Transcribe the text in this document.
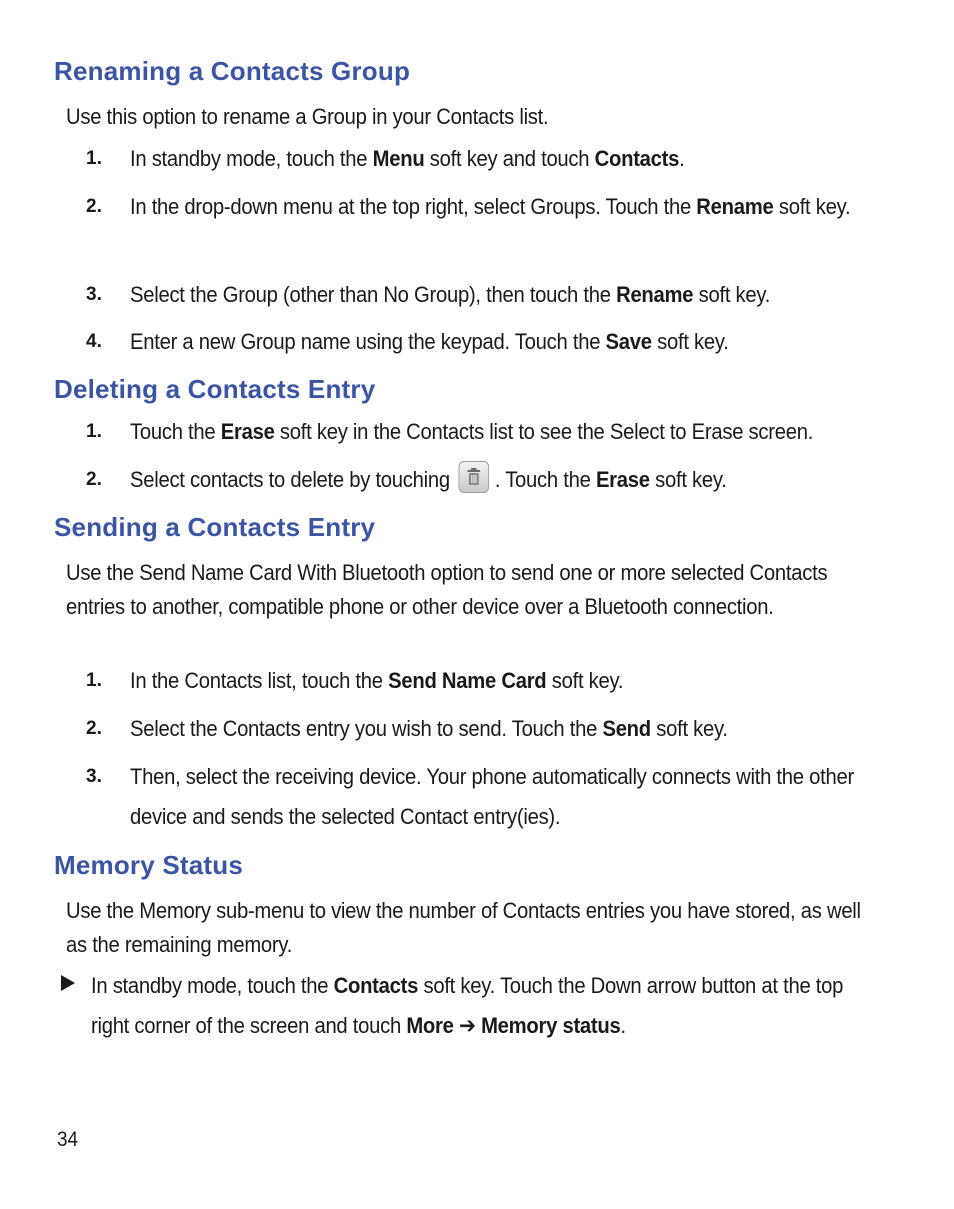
Renaming a Contacts Group
Use this option to rename a Group in your Contacts list.
1. In standby mode, touch the Menu soft key and touch Contacts.
2. In the drop-down menu at the top right, select Groups. Touch the Rename soft key.
3. Select the Group (other than No Group), then touch the Rename soft key.
4. Enter a new Group name using the keypad. Touch the Save soft key.
Deleting a Contacts Entry
1. Touch the Erase soft key in the Contacts list to see the Select to Erase screen.
2. Select contacts to delete by touching . Touch the Erase soft key.
Sending a Contacts Entry
Use the Send Name Card With Bluetooth option to send one or more selected Contacts entries to another, compatible phone or other device over a Bluetooth connection.
1. In the Contacts list, touch the Send Name Card soft key.
2. Select the Contacts entry you wish to send. Touch the Send soft key.
3. Then, select the receiving device. Your phone automatically connects with the other device and sends the selected Contact entry(ies).
Memory Status
Use the Memory sub-menu to view the number of Contacts entries you have stored, as well as the remaining memory.
In standby mode, touch the Contacts soft key. Touch the Down arrow button at the top right corner of the screen and touch More ➔ Memory status.
34
